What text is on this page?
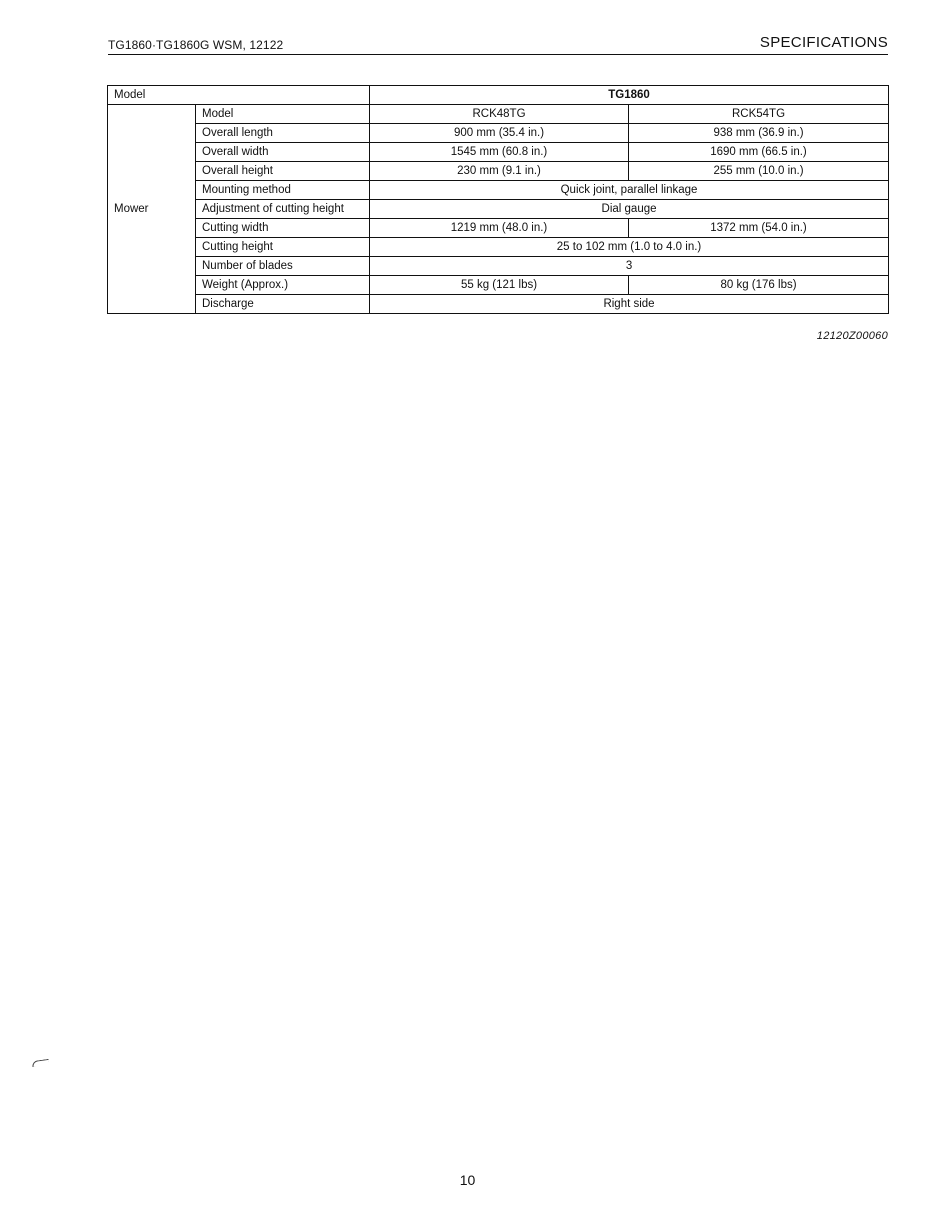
TG1860·TG1860G WSM, 12122	SPECIFICATIONS
Model		TG1860	
Mower	Model	RCK48TG	RCK54TG
	Overall length	900 mm (35.4 in.)	938 mm (36.9 in.)
	Overall width	1545 mm (60.8 in.)	1690 mm (66.5 in.)
	Overall height	230 mm (9.1 in.)	255 mm (10.0 in.)
	Mounting method	Quick joint, parallel linkage	
	Adjustment of cutting height	Dial gauge	
	Cutting width	1219 mm (48.0 in.)	1372 mm (54.0 in.)
	Cutting height	25 to 102 mm (1.0 to 4.0 in.)	
	Number of blades	3	
	Weight (Approx.)	55 kg (121 lbs)	80 kg (176 lbs)
	Discharge	Right side	
12120Z00060
10
